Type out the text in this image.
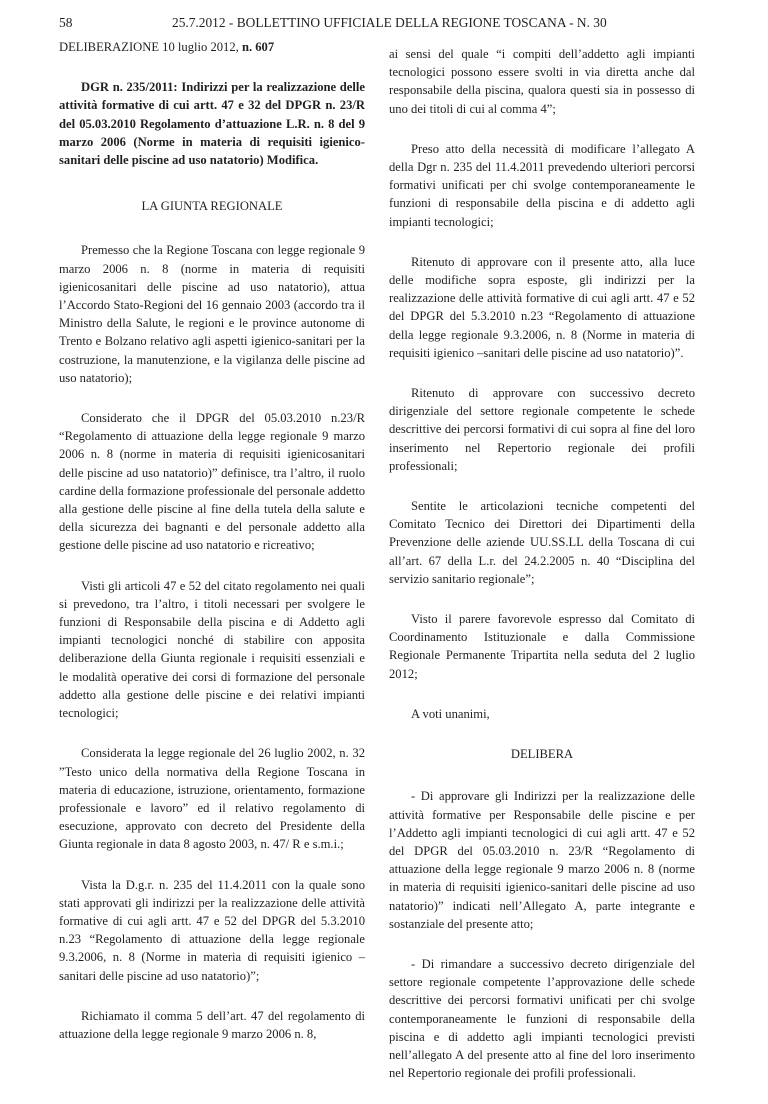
58	25.7.2012 - BOLLETTINO UFFICIALE DELLA REGIONE TOSCANA - N. 30

DELIBERAZIONE 10 luglio 2012, n. 607

DGR n. 235/2011: Indirizzi per la realizzazione delle attività formative di cui artt. 47 e 32 del DPGR n. 23/R del 05.03.2010 Regolamento d’attuazione L.R. n. 8 del 9 marzo 2006 (Norme in materia di requisiti igienico-sanitari delle piscine ad uso natatorio) Modifica.

LA GIUNTA REGIONALE

Premesso che la Regione Toscana con legge regionale 9 marzo 2006 n. 8 (norme in materia di requisiti igienicosanitari delle piscine ad uso natatorio), attua l’Accordo Stato-Regioni del 16 gennaio 2003 (accordo tra il Ministro della Salute, le regioni e le province autonome di Trento e Bolzano relativo agli aspetti igienico-sanitari per la costruzione, la manutenzione, e la vigilanza delle piscine ad uso natatorio);

Considerato che il DPGR del 05.03.2010 n.23/R “Regolamento di attuazione della legge regionale 9 marzo 2006 n. 8 (norme in materia di requisiti igienicosanitari delle piscine ad uso natatorio)” definisce, tra l’altro, il ruolo cardine della formazione professionale del personale addetto alla gestione delle piscine al fine della tutela della salute e della sicurezza dei bagnanti e del personale addetto alla gestione delle piscine ad uso natatorio e ricreativo;

Visti gli articoli 47 e 52 del citato regolamento nei quali si prevedono, tra l’altro, i titoli necessari per svolgere le funzioni di Responsabile della piscina e di Addetto agli impianti tecnologici nonché di stabilire con apposita deliberazione della Giunta regionale i requisiti essenziali e le modalità operative dei corsi di formazione del personale addetto alla gestione delle piscine e dei relativi impianti tecnologici;

Considerata la legge regionale del 26 luglio 2002, n. 32 ”Testo unico della normativa della Regione Toscana in materia di educazione, istruzione, orientamento, formazione professionale e lavoro” ed il relativo regolamento di esecuzione, approvato con decreto del Presidente della Giunta regionale in data 8 agosto 2003, n. 47/ R e s.m.i.;

Vista la D.g.r. n. 235 del 11.4.2011 con la quale sono stati approvati gli indirizzi per la realizzazione delle attività formative di cui agli artt. 47 e 52 del DPGR del 5.3.2010 n.23 “Regolamento di attuazione della legge regionale 9.3.2006, n. 8 (Norme in materia di requisiti igienico –sanitari delle piscine ad uso natatorio)”;

Richiamato il comma 5 dell’art. 47 del regolamento di attuazione della legge regionale 9 marzo 2006 n. 8,

ai sensi del quale “i compiti dell’addetto agli impianti tecnologici possono essere svolti in via diretta anche dal responsabile della piscina, qualora questi sia in possesso di uno dei titoli di cui al comma 4”;

Preso atto della necessità di modificare l’allegato A della Dgr n. 235 del 11.4.2011 prevedendo ulteriori percorsi formativi unificati per chi svolge contemporaneamente le funzioni di responsabile della piscina e di addetto agli impianti tecnologici;

Ritenuto di approvare con il presente atto, alla luce delle modifiche sopra esposte, gli indirizzi per la realizzazione delle attività formative di cui agli artt. 47 e 52 del DPGR del 5.3.2010 n.23 “Regolamento di attuazione della legge regionale 9.3.2006, n. 8 (Norme in materia di requisiti igienico –sanitari delle piscine ad uso natatorio)”.

Ritenuto di approvare con successivo decreto dirigenziale del settore regionale competente le schede descrittive dei percorsi formativi di cui sopra al fine del loro inserimento nel Repertorio regionale dei profili professionali;

Sentite le articolazioni tecniche competenti del Comitato Tecnico dei Direttori dei Dipartimenti della Prevenzione delle aziende UU.SS.LL della Toscana di cui all’art. 67 della L.r. del 24.2.2005 n. 40 “Disciplina del servizio sanitario regionale”;

Visto il parere favorevole espresso dal Comitato di Coordinamento Istituzionale e dalla Commissione Regionale Permanente Tripartita nella seduta del 2 luglio 2012;

A voti unanimi,

DELIBERA

- Di approvare gli Indirizzi per la realizzazione delle attività formative per Responsabile delle piscine e per l’Addetto agli impianti tecnologici di cui agli artt. 47 e 52 del DPGR del 05.03.2010 n. 23/R “Regolamento di attuazione della legge regionale 9 marzo 2006 n. 8 (norme in materia di requisiti igienico-sanitari delle piscine ad uso natatorio)” indicati nell’Allegato A, parte integrante e sostanziale del presente atto;

- Di rimandare a successivo decreto dirigenziale del settore regionale competente l’approvazione delle schede descrittive dei percorsi formativi unificati per chi svolge contemporaneamente le funzioni di responsabile della piscina e di addetto agli impianti tecnologici previsti nell’allegato A del presente atto al fine del loro inserimento nel Repertorio regionale dei profili professionali.
